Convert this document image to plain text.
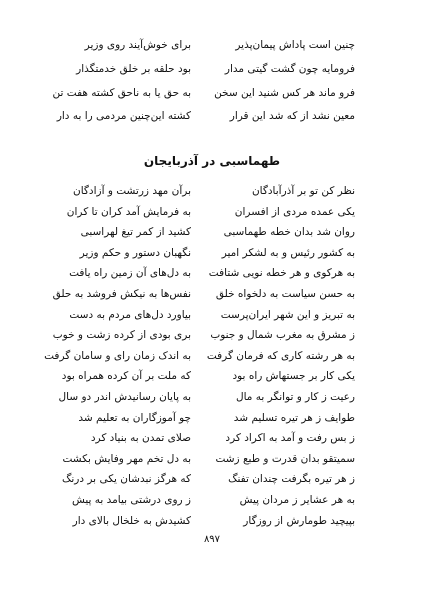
چنین است پاداش پیمان‌پذیر
برای خوش‌آیند روی وزیر
فرومایه چون گشت گیتی مدار
بود حلقه بر خلق خدمتگذار
فرو ماند هر کس شنید این سخن
به حق یا به ناحق کشته هفت تن
معین نشد از که شد این قرار
کشته این‌چنین مردمی را به دار
طهماسبی در آذربایجان
نظر کن تو بر آذرآبادگان
برآن مهد زرتشت و آزادگان
یکی عمده مردی از افسران
به فرمایش آمد کران تا کران
روان شد بدان خطه طهماسبی
کشید از کمر تیغ لهراسبی
به کشور رئیس و به لشکر امیر
نگهبان دستور و حکم وزیر
به هرکوی و هر خطه نویی شتافت
به دل‌های آن زمین راه یافت
به حسن سیاست به دلخواه خلق
نفس‌ها به نیکش فروشد به حلق
به تبریز و این شهر ایران‌پرست
بیاورد دل‌های مردم به دست
ز مشرق به مغرب شمال و جنوب
بری بودی از کرده زشت و خوب
به هر رشته کاری که فرمان گرفت
به اندک زمان رای و سامان گرفت
یکی کار بر جستهاش راه بود
که ملت بر آن کرده همراه بود
رعیت ز کار و توانگر به مال
به پایان رسانیدش اندر دو سال
طوایف ز هر تیره تسلیم شد
چو آموزگاران به تعلیم شد
ز بس رفت و آمد به اکراد کرد
صلای تمدن به بنیاد کرد
سمیتقو بدان قدرت و طبع زشت
به دل تخم مهر وفایش بکشت
ز هر تیره بگرفت چندان تفنگ
که هرگز نبدشان یکی بر درنگ
به هر عشایر ز مردان پیش
ز روی درشتی بیامد به پیش
بپیچید طومارش از روزگار
کشیدش به خلخال بالای دار
۸۹۷
